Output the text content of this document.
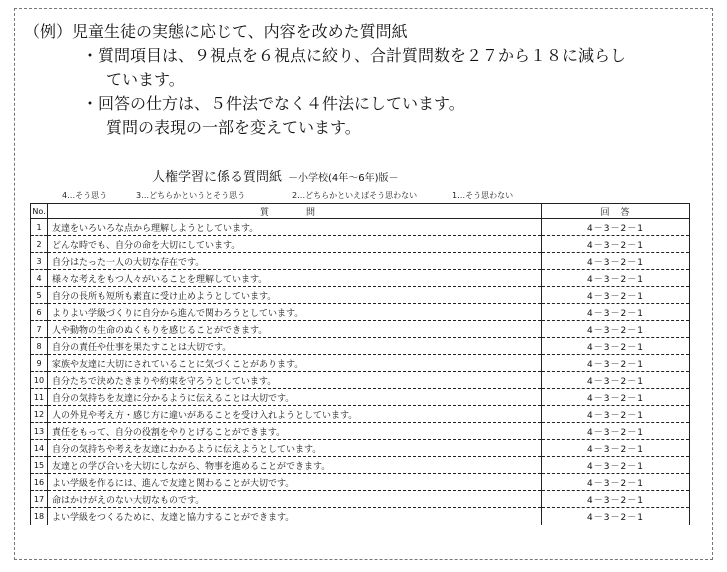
（例）児童生徒の実態に応じて、内容を改めた質問紙
・質問項目は、９視点を６視点に絞り、合計質問数を２７から１８に減らし
ています。
・回答の仕方は、５件法でなく４件法にしています。
質問の表現の一部を変えています。
人権学習に係る質問紙 －小学校(4年～6年)版－
4…そう思う	3…どちらかというとそう思う	2…どちらかといえばそう思わない	1…そう思わない
No.	質　問	回　答
1	友達をいろいろな点から理解しようとしています。	4－3－2－1
2	どんな時でも、自分の命を大切にしています。	4－3－2－1
3	自分はたった一人の大切な存在です。	4－3－2－1
4	様々な考えをもつ人々がいることを理解しています。	4－3－2－1
5	自分の長所も短所も素直に受け止めようとしています。	4－3－2－1
6	よりよい学級づくりに自分から進んで関わろうとしています。	4－3－2－1
7	人や動物の生命のぬくもりを感じることができます。	4－3－2－1
8	自分の責任や仕事を果たすことは大切です。	4－3－2－1
9	家族や友達に大切にされていることに気づくことがあります。	4－3－2－1
10	自分たちで決めたきまりや約束を守ろうとしています。	4－3－2－1
11	自分の気持ちを友達に分かるように伝えることは大切です。	4－3－2－1
12	人の外見や考え方・感じ方に違いがあることを受け入れようとしています。	4－3－2－1
13	責任をもって、自分の役割をやりとげることができます。	4－3－2－1
14	自分の気持ちや考えを友達にわかるように伝えようとしています。	4－3－2－1
15	友達との学び合いを大切にしながら、物事を進めることができます。	4－3－2－1
16	よい学級を作るには、進んで友達と関わることが大切です。	4－3－2－1
17	命はかけがえのない大切なものです。	4－3－2－1
18	よい学級をつくるために、友達と協力することができます。	4－3－2－1
